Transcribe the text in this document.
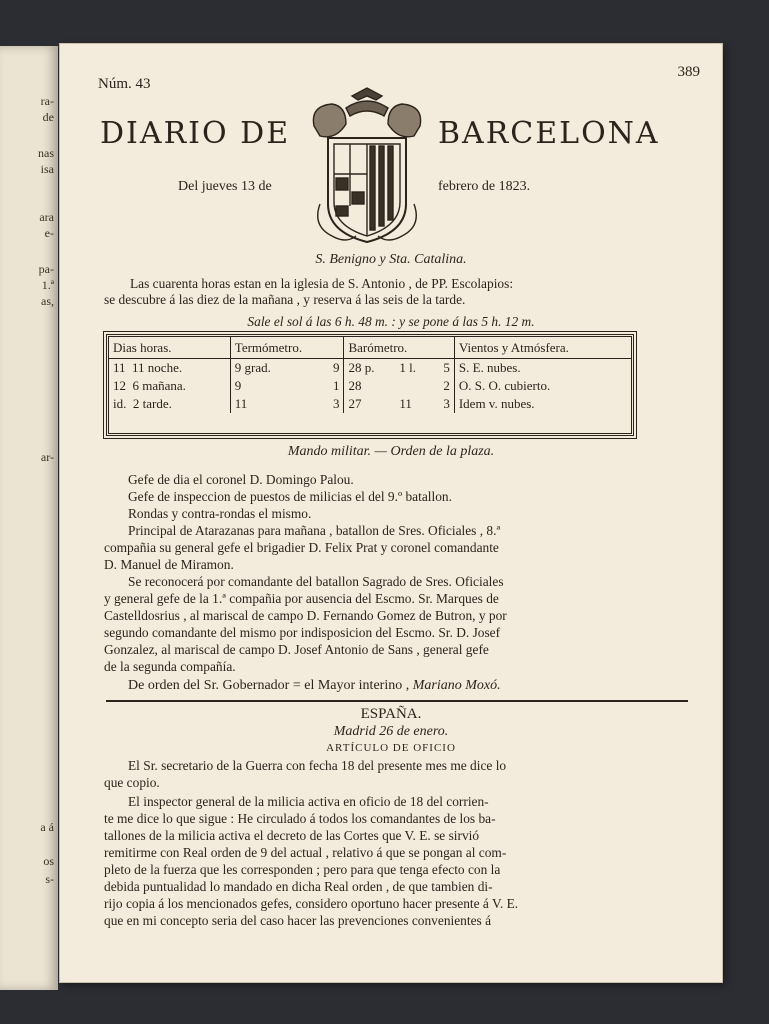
ra-
de
nas
isa
ara
e-
pa-
1.ª
as,
ar-
a á
os
s-
Núm. 43
389
DIARIO DE	BARCELONA
Del jueves 13 de	febrero de 1823.
S. Benigno y Sta. Catalina.
Las cuarenta horas estan en la iglesia de S. Antonio , de PP. Escolapios:
se descubre á las diez de la mañana , y reserva á las seis de la tarde.
Sale el sol á las 6 h. 48 m. : y se pone á las 5 h. 12 m.
Dias horas.	Termómetro.		Barómetro.			Vientos y Atmósfera.
11 11 noche.	9 grad.	9	28 p.	1 l.	5	S. E. nubes.
12 6 mañana.	9	1	28		2	O. S. O. cubierto.
id. 2 tarde.	11	3	27	11	3	Idem v. nubes.
Mando militar. — Orden de la plaza.
Gefe de dia el coronel D. Domingo Palou.
Gefe de inspeccion de puestos de milicias el del 9.º batallon.
Rondas y contra-rondas el mismo.
Principal de Atarazanas para mañana , batallon de Sres. Oficiales , 8.ª
compañia su general gefe el brigadier D. Felix Prat y coronel comandante
D. Manuel de Miramon.
Se reconocerá por comandante del batallon Sagrado de Sres. Oficiales
y general gefe de la 1.ª compañia por ausencia del Escmo. Sr. Marques de
Castelldosrius , al mariscal de campo D. Fernando Gomez de Butron, y por
segundo comandante del mismo por indisposicion del Escmo. Sr. D. Josef
Gonzalez, al mariscal de campo D. Josef Antonio de Sans , general gefe
de la segunda compañía.
De orden del Sr. Gobernador = el Mayor interino , Mariano Moxó.
ESPAÑA.
Madrid 26 de enero.
ARTÍCULO DE OFICIO
El Sr. secretario de la Guerra con fecha 18 del presente mes me dice lo
que copio.
El inspector general de la milicia activa en oficio de 18 del corrien-
te me dice lo que sigue : He circulado á todos los comandantes de los ba-
tallones de la milicia activa el decreto de las Cortes que V. E. se sirvió
remitirme con Real orden de 9 del actual , relativo á que se pongan al com-
pleto de la fuerza que les corresponden ; pero para que tenga efecto con la
debida puntualidad lo mandado en dicha Real orden , de que tambien di-
rijo copia á los mencionados gefes, considero oportuno hacer presente á V. E.
que en mi concepto seria del caso hacer las prevenciones convenientes á
